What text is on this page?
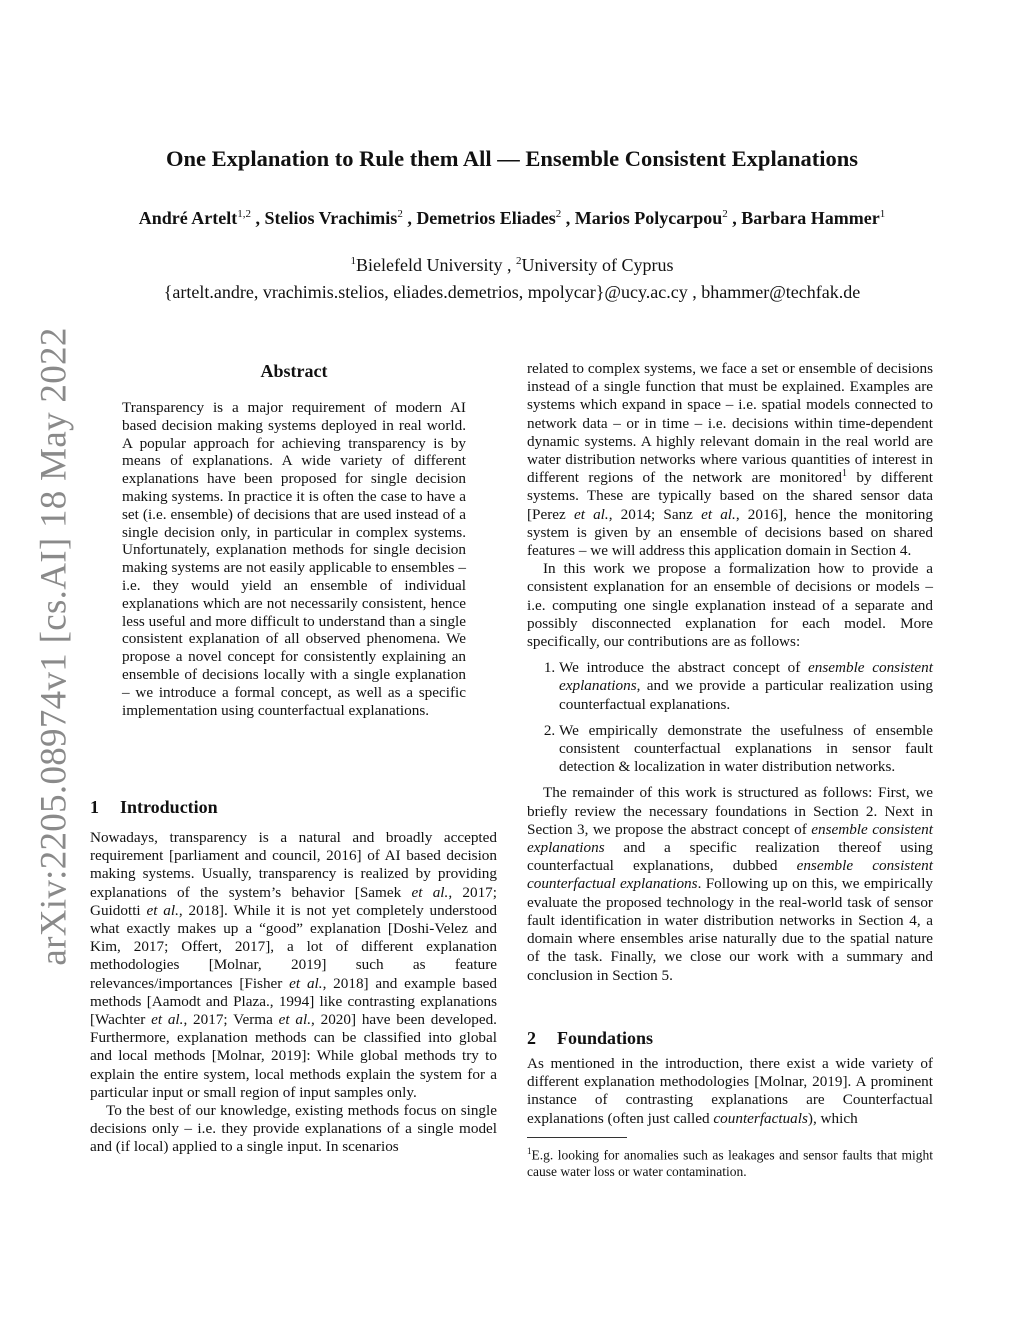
arXiv:2205.08974v1 [cs.AI] 18 May 2022
One Explanation to Rule them All — Ensemble Consistent Explanations
André Artelt$^{1,2}$ , Stelios Vrachimis$^2$ , Demetrios Eliades$^2$ , Marios Polycarpou$^2$ , Barbara Hammer$^1$
$^1$Bielefeld University , $^2$University of Cyprus
{artelt.andre, vrachimis.stelios, eliades.demetrios, mpolycar}@ucy.ac.cy , bhammer@techfak.de
Abstract

Transparency is a major requirement of modern AI based decision making systems deployed in real world. A popular approach for achieving transparency is by means of explanations. A wide variety of different explanations have been proposed for single decision making systems. In practice it is often the case to have a set (i.e. ensemble) of decisions that are used instead of a single decision only, in particular in complex systems. Unfortunately, explanation methods for single decision making systems are not easily applicable to ensembles – i.e. they would yield an ensemble of individual explanations which are not necessarily consistent, hence less useful and more difficult to understand than a single consistent explanation of all observed phenomena. We propose a novel concept for consistently explaining an ensemble of decisions locally with a single explanation – we introduce a formal concept, as well as a specific implementation using counterfactual explanations.

1 Introduction

Nowadays, transparency is a natural and broadly accepted requirement [parliament and council, 2016] of AI based decision making systems. Usually, transparency is realized by providing explanations of the system’s behavior [Samek et al., 2017; Guidotti et al., 2018]. While it is not yet completely understood what exactly makes up a “good” explanation [Doshi-Velez and Kim, 2017; Offert, 2017], a lot of different explanation methodologies [Molnar, 2019] such as feature relevances/importances [Fisher et al., 2018] and example based methods [Aamodt and Plaza., 1994] like contrasting explanations [Wachter et al., 2017; Verma et al., 2020] have been developed. Furthermore, explanation methods can be classified into global and local methods [Molnar, 2019]: While global methods try to explain the entire system, local methods explain the system for a particular input or small region of input samples only.

To the best of our knowledge, existing methods focus on single decisions only – i.e. they provide explanations of a single model and (if local) applied to a single input. In scenarios

related to complex systems, we face a set or ensemble of decisions instead of a single function that must be explained. Examples are systems which expand in space – i.e. spatial models connected to network data – or in time – i.e. decisions within time-dependent dynamic systems. A highly relevant domain in the real world are water distribution networks where various quantities of interest in different regions of the network are monitored$^1$ by different systems. These are typically based on the shared sensor data [Perez et al., 2014; Sanz et al., 2016], hence the monitoring system is given by an ensemble of decisions based on shared features – we will address this application domain in Section 4.

In this work we propose a formalization how to provide a consistent explanation for an ensemble of decisions or models – i.e. computing one single explanation instead of a separate and possibly disconnected explanation for each model. More specifically, our contributions are as follows:

1. We introduce the abstract concept of ensemble consistent explanations, and we provide a particular realization using counterfactual explanations.
2. We empirically demonstrate the usefulness of ensemble consistent counterfactual explanations in sensor fault detection & localization in water distribution networks.

The remainder of this work is structured as follows: First, we briefly review the necessary foundations in Section 2. Next in Section 3, we propose the abstract concept of ensemble consistent explanations and a specific realization thereof using counterfactual explanations, dubbed ensemble consistent counterfactual explanations. Following up on this, we empirically evaluate the proposed technology in the real-world task of sensor fault identification in water distribution networks in Section 4, a domain where ensembles arise naturally due to the spatial nature of the task. Finally, we close our work with a summary and conclusion in Section 5.

2 Foundations

As mentioned in the introduction, there exist a wide variety of different explanation methodologies [Molnar, 2019]. A prominent instance of contrasting explanations are Counterfactual explanations (often just called counterfactuals), which

$^1$E.g. looking for anomalies such as leakages and sensor faults that might cause water loss or water contamination.
